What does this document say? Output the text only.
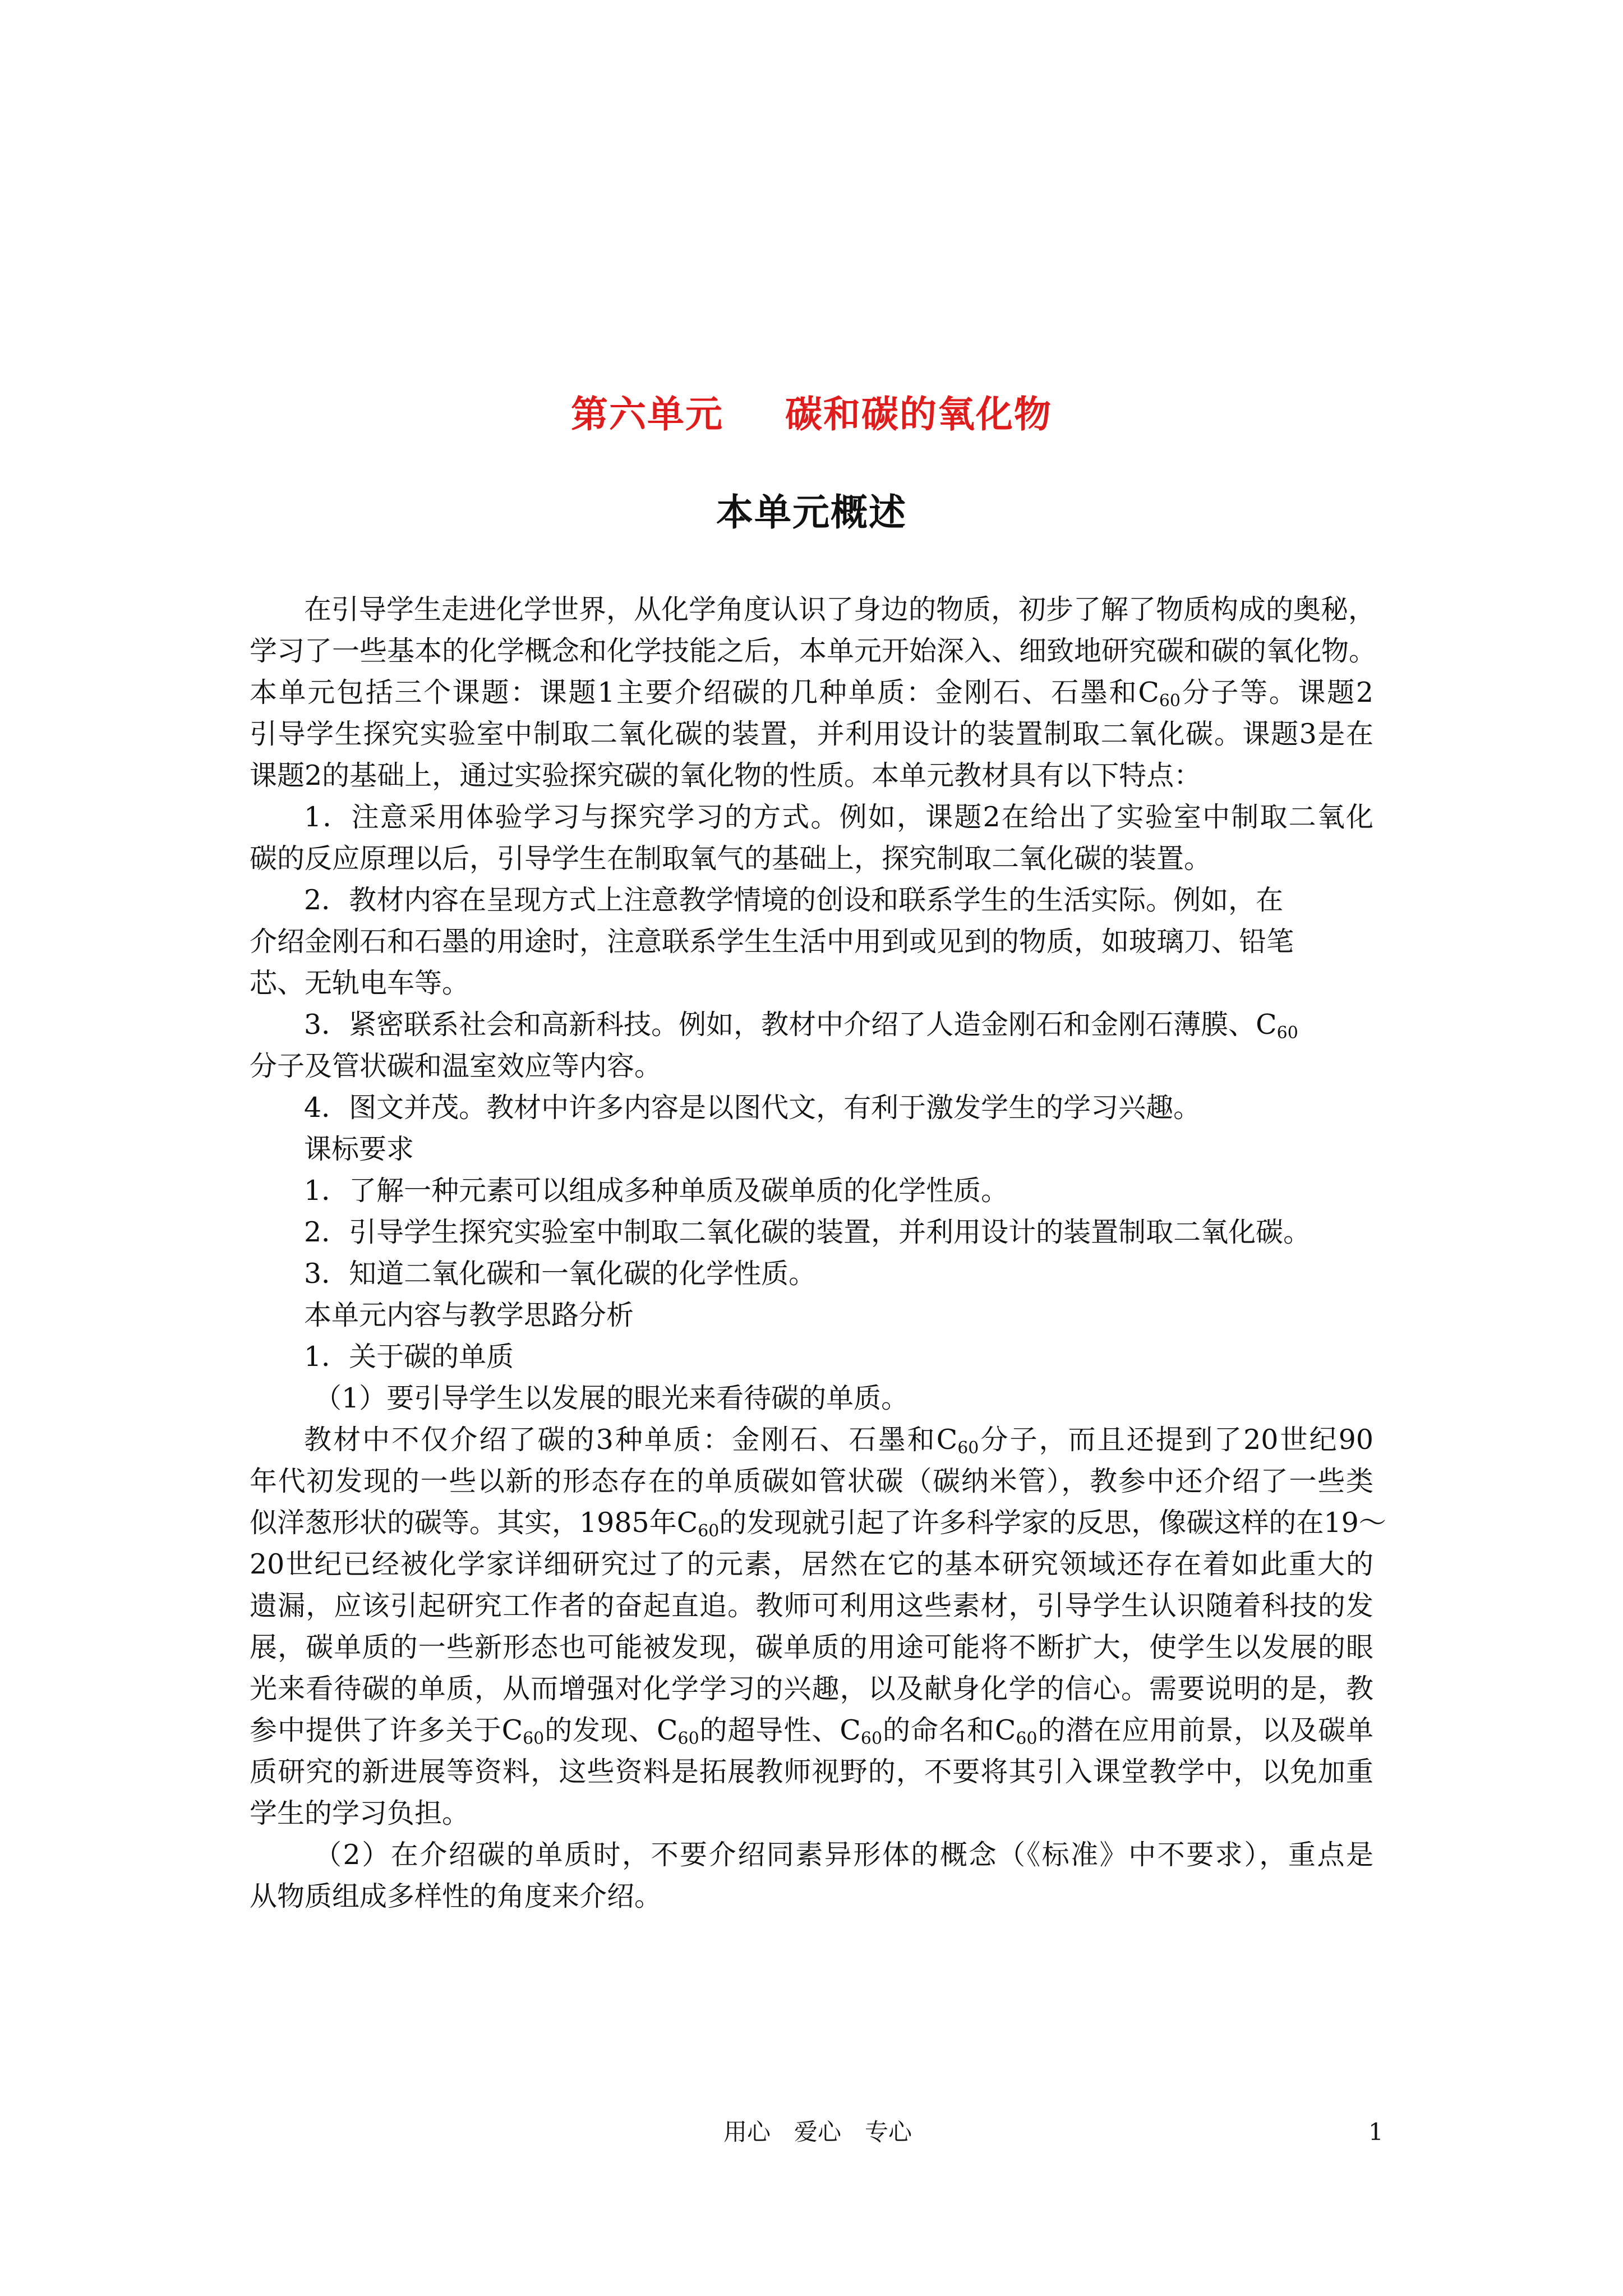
第六单元 碳和碳的氧化物
本单元概述
在引导学生走进化学世界，从化学角度认识了身边的物质，初步了解了物质构成的奥秘，
学习了一些基本的化学概念和化学技能之后，本单元开始深入、细致地研究碳和碳的氧化物。
本单元包括三个课题：课题1主要介绍碳的几种单质：金刚石、石墨和$C_{60}$分子等。课题2
引导学生探究实验室中制取二氧化碳的装置，并利用设计的装置制取二氧化碳。课题3是在
课题2的基础上，通过实验探究碳的氧化物的性质。本单元教材具有以下特点：
1．注意采用体验学习与探究学习的方式。例如，课题2在给出了实验室中制取二氧化
碳的反应原理以后，引导学生在制取氧气的基础上，探究制取二氧化碳的装置。
2．教材内容在呈现方式上注意教学情境的创设和联系学生的生活实际。例如，在
介绍金刚石和石墨的用途时，注意联系学生生活中用到或见到的物质，如玻璃刀、铅笔
芯、无轨电车等。
3．紧密联系社会和高新科技。例如，教材中介绍了人造金刚石和金刚石薄膜、$C_{60}$
分子及管状碳和温室效应等内容。
4．图文并茂。教材中许多内容是以图代文，有利于激发学生的学习兴趣。
课标要求
1．了解一种元素可以组成多种单质及碳单质的化学性质。
2．引导学生探究实验室中制取二氧化碳的装置，并利用设计的装置制取二氧化碳。
3．知道二氧化碳和一氧化碳的化学性质。
本单元内容与教学思路分析
1．关于碳的单质
（1）要引导学生以发展的眼光来看待碳的单质。
教材中不仅介绍了碳的3种单质：金刚石、石墨和$C_{60}$分子，而且还提到了20世纪90
年代初发现的一些以新的形态存在的单质碳如管状碳（碳纳米管），教参中还介绍了一些类
似洋葱形状的碳等。其实，1985年$C_{60}$的发现就引起了许多科学家的反思，像碳这样的在19～
20世纪已经被化学家详细研究过了的元素，居然在它的基本研究领域还存在着如此重大的
遗漏，应该引起研究工作者的奋起直追。教师可利用这些素材，引导学生认识随着科技的发
展，碳单质的一些新形态也可能被发现，碳单质的用途可能将不断扩大，使学生以发展的眼
光来看待碳的单质，从而增强对化学学习的兴趣，以及献身化学的信心。需要说明的是，教
参中提供了许多关于$C_{60}$的发现、$C_{60}$的超导性、$C_{60}$的命名和$C_{60}$的潜在应用前景，以及碳单
质研究的新进展等资料，这些资料是拓展教师视野的，不要将其引入课堂教学中，以免加重
学生的学习负担。
（2）在介绍碳的单质时，不要介绍同素异形体的概念（《标准》中不要求），重点是
从物质组成多样性的角度来介绍。
用心　爱心　专心	1
